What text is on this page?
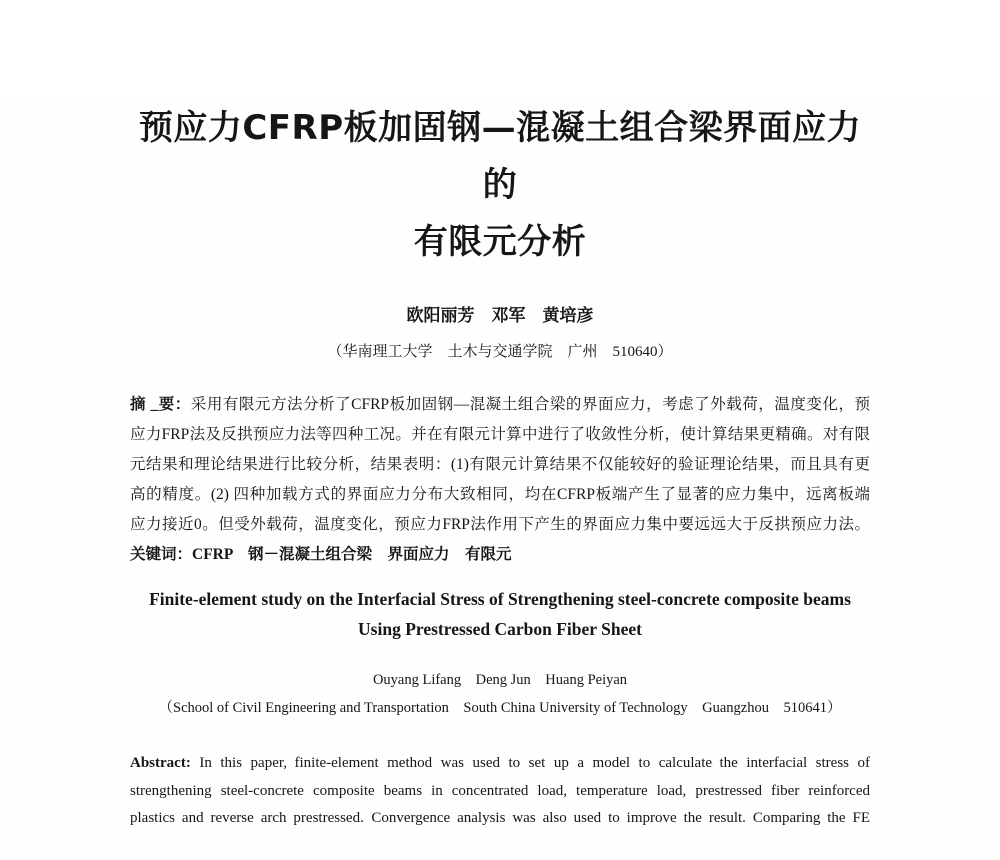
预应力CFRP板加固钢—混凝土组合梁界面应力的
有限元分析
欧阳丽芳　邓军　黄培彦
（华南理工大学　土木与交通学院　广州　510640）
摘 _要：采用有限元方法分析了CFRP板加固钢—混凝土组合梁的界面应力，考虑了外载荷，温度变化，预
应力FRP法及反拱预应力法等四种工况。并在有限元计算中进行了收敛性分析，使计算结果更精确。对有限
元结果和理论结果进行比较分析，结果表明：(1)有限元计算结果不仅能较好的验证理论结果，而且具有更
高的精度。(2) 四种加载方式的界面应力分布大致相同，均在CFRP板端产生了显著的应力集中，远离板端
应力接近0。但受外载荷，温度变化，预应力FRP法作用下产生的界面应力集中要远远大于反拱预应力法。
关键词：CFRP　钢－混凝土组合梁　界面应力　有限元
Finite-element study on the Interfacial Stress of Strengthening steel-concrete composite beams
Using Prestressed Carbon Fiber Sheet
Ouyang Lifang Deng Jun Huang Peiyan
（School of Civil Engineering and Transportation South China University of Technology Guangzhou 510641）
Abstract: In this paper, finite-element method was used to set up a model to calculate the interfacial stress of
strengthening steel-concrete composite beams in concentrated load, temperature load, prestressed fiber reinforced
plastics and reverse arch prestressed. Convergence analysis was also used to improve the result. Comparing the FE
